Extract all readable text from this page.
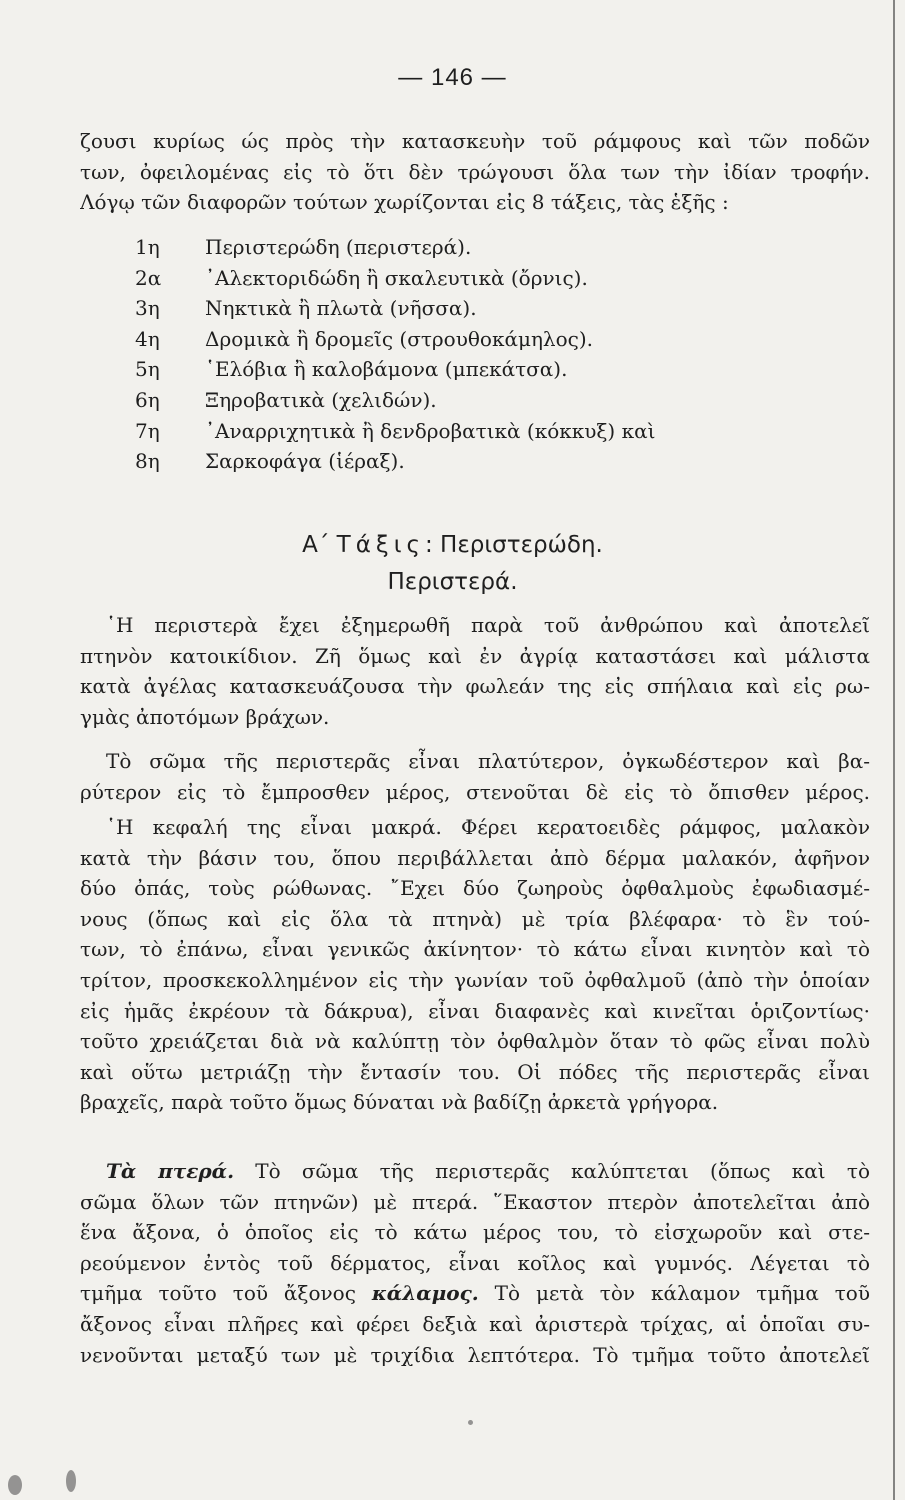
— 146 —
ζουσι κυρίως ώς πρὸς τὴν κατασκευὴν τοῦ ράμφους καὶ τῶν ποδῶν
των, ὀφειλομένας εἰς τὸ ὅτι δὲν τρώγουσι ὅλα των τὴν ἰδίαν τροφήν.
Λόγῳ τῶν διαφορῶν τούτων χωρίζονται εἰς 8 τάξεις, τὰς ἑξῆς :
1η	Περιστερώδη (περιστερά).
2α	᾿Αλεκτοριδώδη ἢ σκαλευτικὰ (ὄρνις).
3η	Νηκτικὰ ἢ πλωτὰ (νῆσσα).
4η	Δρομικὰ ἢ δρομεῖς (στρουθοκάμηλος).
5η	῾Ελόβια ἢ καλοβάμονα (μπεκάτσα).
6η	Ξηροβατικὰ (χελιδών).
7η	᾿Αναρριχητικὰ ἢ δενδροβατικὰ (κόκκυξ) καὶ
8η	Σαρκοφάγα (ἱέραξ).
Α΄ Τάξις: Περιστερώδη.
Περιστερά.
῾Η περιστερὰ ἔχει ἐξημερωθῆ παρὰ τοῦ ἀνθρώπου καὶ ἀποτελεῖ
πτηνὸν κατοικίδιον. Ζῆ ὅμως καὶ ἐν ἀγρίᾳ καταστάσει καὶ μάλιστα
κατὰ ἀγέλας κατασκευάζουσα τὴν φωλεάν της εἰς σπήλαια καὶ εἰς ρω-
γμὰς ἀποτόμων βράχων.
Τὸ σῶμα τῆς περιστερᾶς εἶναι πλατύτερον, ὀγκωδέστερον καὶ βα-
ρύτερον εἰς τὸ ἔμπροσθεν μέρος, στενοῦται δὲ εἰς τὸ ὄπισθεν μέρος.
῾Η κεφαλή της εἶναι μακρά. Φέρει κερατοειδὲς ράμφος, μαλακὸν
κατὰ τὴν βάσιν του, ὅπου περιβάλλεται ἀπὸ δέρμα μαλακόν, ἀφῆνον
δύο ὀπάς, τοὺς ρώθωνας. ῎Εχει δύο ζωηροὺς ὀφθαλμοὺς ἐφωδιασμέ-
νους (ὅπως καὶ εἰς ὅλα τὰ πτηνὰ) μὲ τρία βλέφαρα· τὸ ἓν τού-
των, τὸ ἐπάνω, εἶναι γενικῶς ἀκίνητον· τὸ κάτω εἶναι κινητὸν καὶ τὸ
τρίτον, προσκεκολλημένον εἰς τὴν γωνίαν τοῦ ὀφθαλμοῦ (ἀπὸ τὴν ὁποίαν
εἰς ἡμᾶς ἐκρέουν τὰ δάκρυα), εἶναι διαφανὲς καὶ κινεῖται ὁριζοντίως·
τοῦτο χρειάζεται διὰ νὰ καλύπτῃ τὸν ὀφθαλμὸν ὅταν τὸ φῶς εἶναι πολὺ
καὶ οὕτω μετριάζῃ τὴν ἔντασίν του. Οἱ πόδες τῆς περιστερᾶς εἶναι
βραχεῖς, παρὰ τοῦτο ὅμως δύναται νὰ βαδίζῃ ἀρκετὰ γρήγορα.
Τὰ πτερά. Τὸ σῶμα τῆς περιστερᾶς καλύπτεται (ὅπως καὶ τὸ
σῶμα ὅλων τῶν πτηνῶν) μὲ πτερά. ῞Εκαστον πτερὸν ἀποτελεῖται ἀπὸ
ἕνα ἄξονα, ὁ ὁποῖος εἰς τὸ κάτω μέρος του, τὸ εἰσχωροῦν καὶ στε-
ρεούμενον ἐντὸς τοῦ δέρματος, εἶναι κοῖλος καὶ γυμνός. Λέγεται τὸ
τμῆμα τοῦτο τοῦ ἄξονος κάλαμος. Τὸ μετὰ τὸν κάλαμον τμῆμα τοῦ
ἄξονος εἶναι πλῆρες καὶ φέρει δεξιὰ καὶ ἀριστερὰ τρίχας, αἱ ὁποῖαι συ-
νενοῦνται μεταξύ των μὲ τριχίδια λεπτότερα. Τὸ τμῆμα τοῦτο ἀποτελεῖ
